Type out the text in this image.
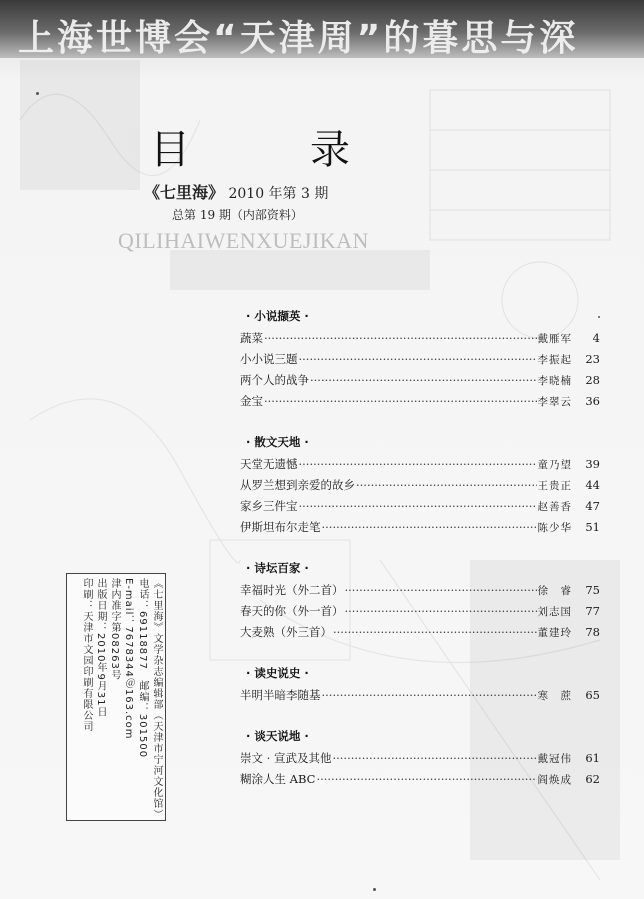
上海世博会“天津周”的暮思与深
目　录
《七里海》 2010 年第 3 期
总第 19 期（内部资料）
QILIHAIWENXUEJIKAN
· 小说撷英 ·
蔬菜 ·····	戴雁军	4
小小说三题 ·····	李振起	23
两个人的战争 ·····	李晓楠	28
金宝 ·····	李翠云	36
· 散文天地 ·
天堂无遗憾 ·····	童乃望	39
从罗兰想到亲爱的故乡 ·····	王贵正	44
家乡三件宝 ·····	赵善香	47
伊斯坦布尔走笔 ·····	陈少华	51
· 诗坛百家 ·
幸福时光（外二首） ·····	徐　睿	75
春天的你（外一首） ·····	刘志国	77
大麦熟（外三首） ·····	董建玲	78
· 读史说史 ·
半明半暗李随基 ·····	寒　蔗	65
· 谈天说地 ·
崇文 · 宣武及其他 ·····	戴冠伟	61
糊涂人生 ABC ·····	阎焕成	62
《七里海》文学杂志编辑部（天津市宁河文化馆）
电话：69118877　邮编：301500
E-mail：7678344＠163.com
津内准字第08263号
出版日期：2010年9月31日
印刷：天津市文园印刷有限公司
